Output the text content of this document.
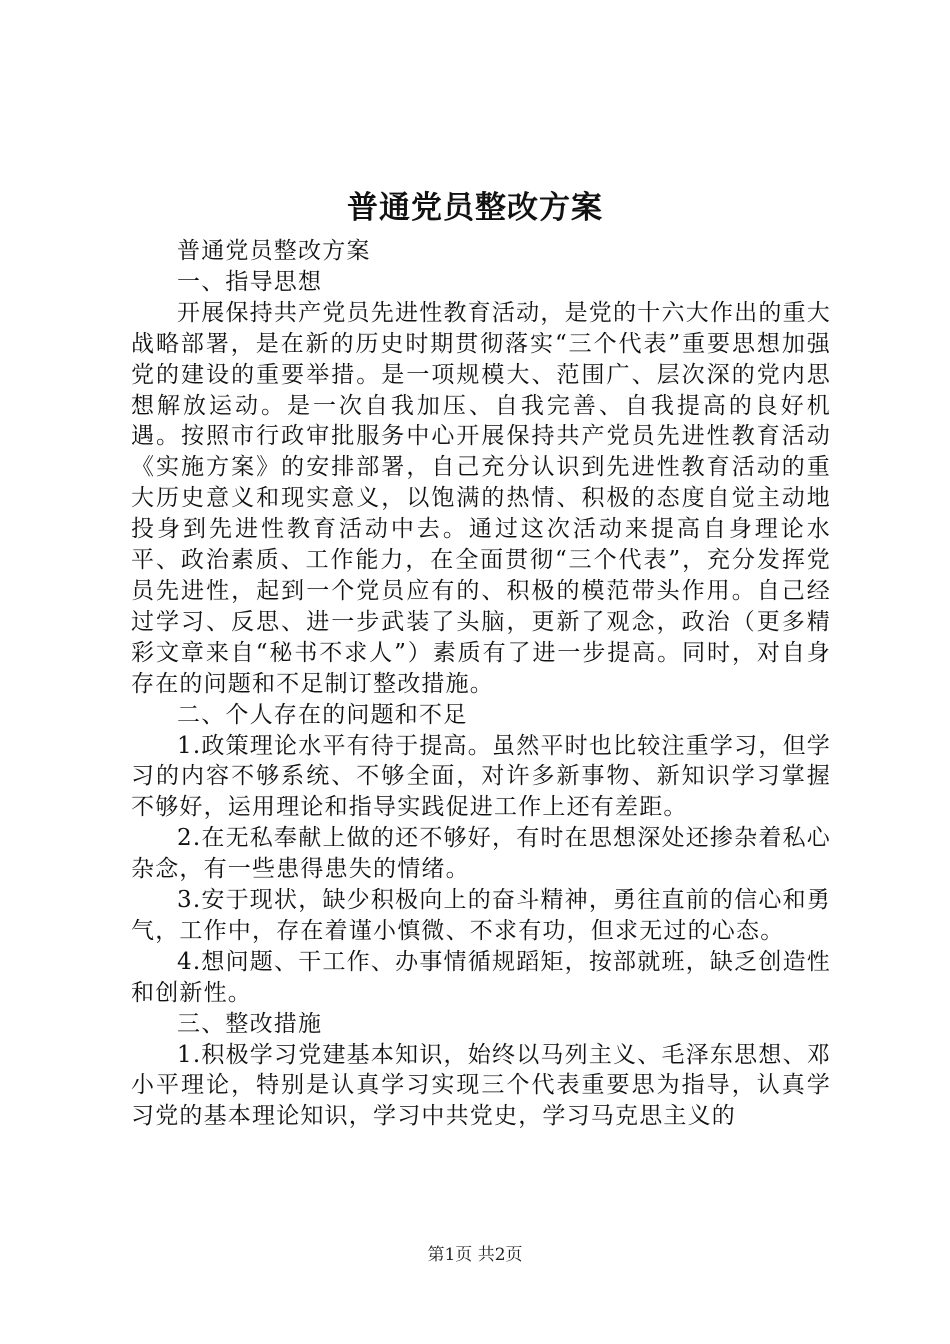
普通党员整改方案

普通党员整改方案

一、指导思想

开展保持共产党员先进性教育活动，是党的十六大作出的重大战略部署，是在新的历史时期贯彻落实“三个代表”重要思想加强党的建设的重要举措。是一项规模大、范围广、层次深的党内思想解放运动。是一次自我加压、自我完善、自我提高的良好机遇。按照市行政审批服务中心开展保持共产党员先进性教育活动《实施方案》的安排部署，自己充分认识到先进性教育活动的重大历史意义和现实意义，以饱满的热情、积极的态度自觉主动地投身到先进性教育活动中去。通过这次活动来提高自身理论水平、政治素质、工作能力，在全面贯彻“三个代表”，充分发挥党员先进性，起到一个党员应有的、积极的模范带头作用。自己经过学习、反思、进一步武装了头脑，更新了观念，政治（更多精彩文章来自“秘书不求人”）素质有了进一步提高。同时，对自身存在的问题和不足制订整改措施。

二、个人存在的问题和不足

1.政策理论水平有待于提高。虽然平时也比较注重学习，但学习的内容不够系统、不够全面，对许多新事物、新知识学习掌握不够好，运用理论和指导实践促进工作上还有差距。

2.在无私奉献上做的还不够好，有时在思想深处还掺杂着私心杂念，有一些患得患失的情绪。

3.安于现状，缺少积极向上的奋斗精神，勇往直前的信心和勇气，工作中，存在着谨小慎微、不求有功，但求无过的心态。

4.想问题、干工作、办事情循规蹈矩，按部就班，缺乏创造性和创新性。

三、整改措施

1.积极学习党建基本知识，始终以马列主义、毛泽东思想、邓小平理论，特别是认真学习实现三个代表重要思为指导，认真学习党的基本理论知识，学习中共党史，学习马克思主义的

第1页 共2页
